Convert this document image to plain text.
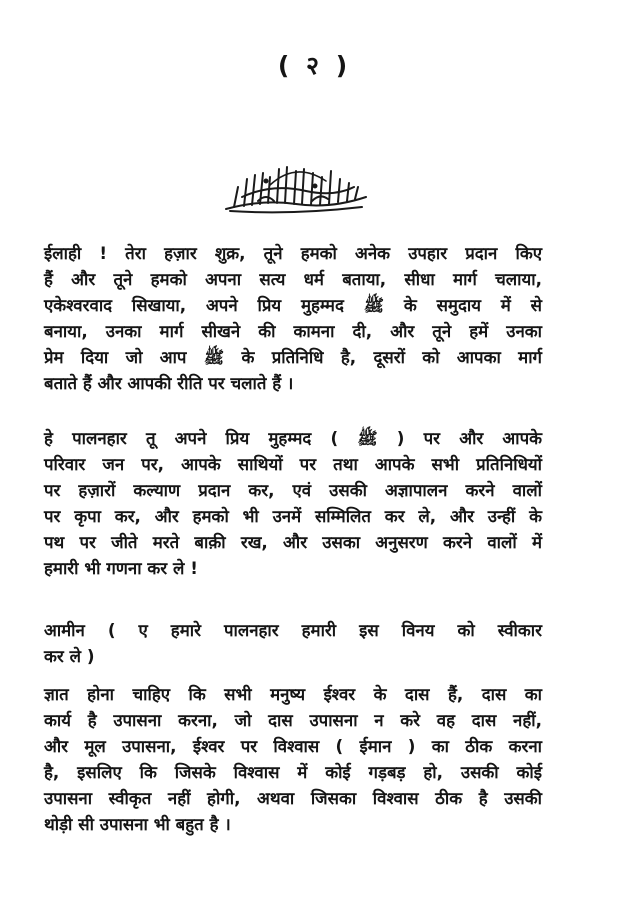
( २ )
ईलाही ! तेरा हज़ार शुक्र, तूने हमको अनेक उपहार प्रदान किए
हैं और तूने हमको अपना सत्य धर्म बताया, सीधा मार्ग चलाया,
एकेश्वरवाद सिखाया, अपने प्रिय मुहम्मद ﷺ के समुदाय में से
बनाया, उनका मार्ग सीखने की कामना दी, और तूने हमें उनका
प्रेम दिया जो आप ﷺ के प्रतिनिधि है, दूसरों को आपका मार्ग
बताते हैं और आपकी रीति पर चलाते हैं ।
हे पालनहार तू अपने प्रिय मुहम्मद ( ﷺ ) पर और आपके
परिवार जन पर, आपके साथियों पर तथा आपके सभी प्रतिनिधियों
पर हज़ारों कल्याण प्रदान कर, एवं उसकी अज्ञापालन करने वालों
पर कृपा कर, और हमको भी उनमें सम्मिलित कर ले, और उन्हीं के
पथ पर जीते मरते बाक़ी रख, और उसका अनुसरण करने वालों में
हमारी भी गणना कर ले !
आमीन ( ए हमारे पालनहार हमारी इस विनय को स्वीकार
कर ले )
ज्ञात होना चाहिए कि सभी मनुष्य ईश्वर के दास हैं, दास का
कार्य है उपासना करना, जो दास उपासना न करे वह दास नहीं,
और मूल उपासना, ईश्वर पर विश्वास ( ईमान ) का ठीक करना
है, इसलिए कि जिसके विश्वास में कोई गड़बड़ हो, उसकी कोई
उपासना स्वीकृत नहीं होगी, अथवा जिसका विश्वास ठीक है उसकी
थोड़ी सी उपासना भी बहुत है ।
